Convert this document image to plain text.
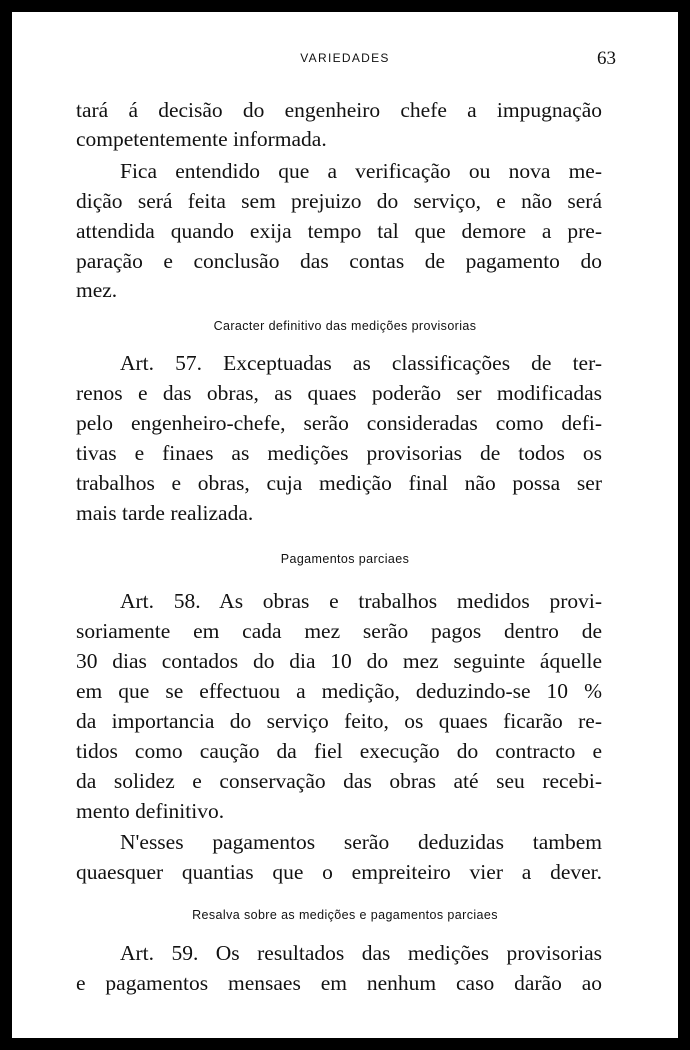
VARIEDADES	63
tará á decisão do engenheiro chefe a impugnação
competentemente informada.
Fica entendido que a verificação ou nova me-
dição será feita sem prejuizo do serviço, e não será
attendida quando exija tempo tal que demore a pre-
paração e conclusão das contas de pagamento do
mez.
Caracter definitivo das medições provisorias
Art. 57. Exceptuadas as classificações de ter-
renos e das obras, as quaes poderão ser modificadas
pelo engenheiro-chefe, serão consideradas como defi-
tivas e finaes as medições provisorias de todos os
trabalhos e obras, cuja medição final não possa ser
mais tarde realizada.
Pagamentos parciaes
Art. 58. As obras e trabalhos medidos provi-
soriamente em cada mez serão pagos dentro de
30 dias contados do dia 10 do mez seguinte áquelle
em que se effectuou a medição, deduzindo-se 10 %
da importancia do serviço feito, os quaes ficarão re-
tidos como caução da fiel execução do contracto e
da solidez e conservação das obras até seu recebi-
mento definitivo.
N'esses pagamentos serão deduzidas tambem
quaesquer quantias que o empreiteiro vier a dever.
Resalva sobre as medições e pagamentos parciaes
Art. 59. Os resultados das medições provisorias
e pagamentos mensaes em nenhum caso darão ao
